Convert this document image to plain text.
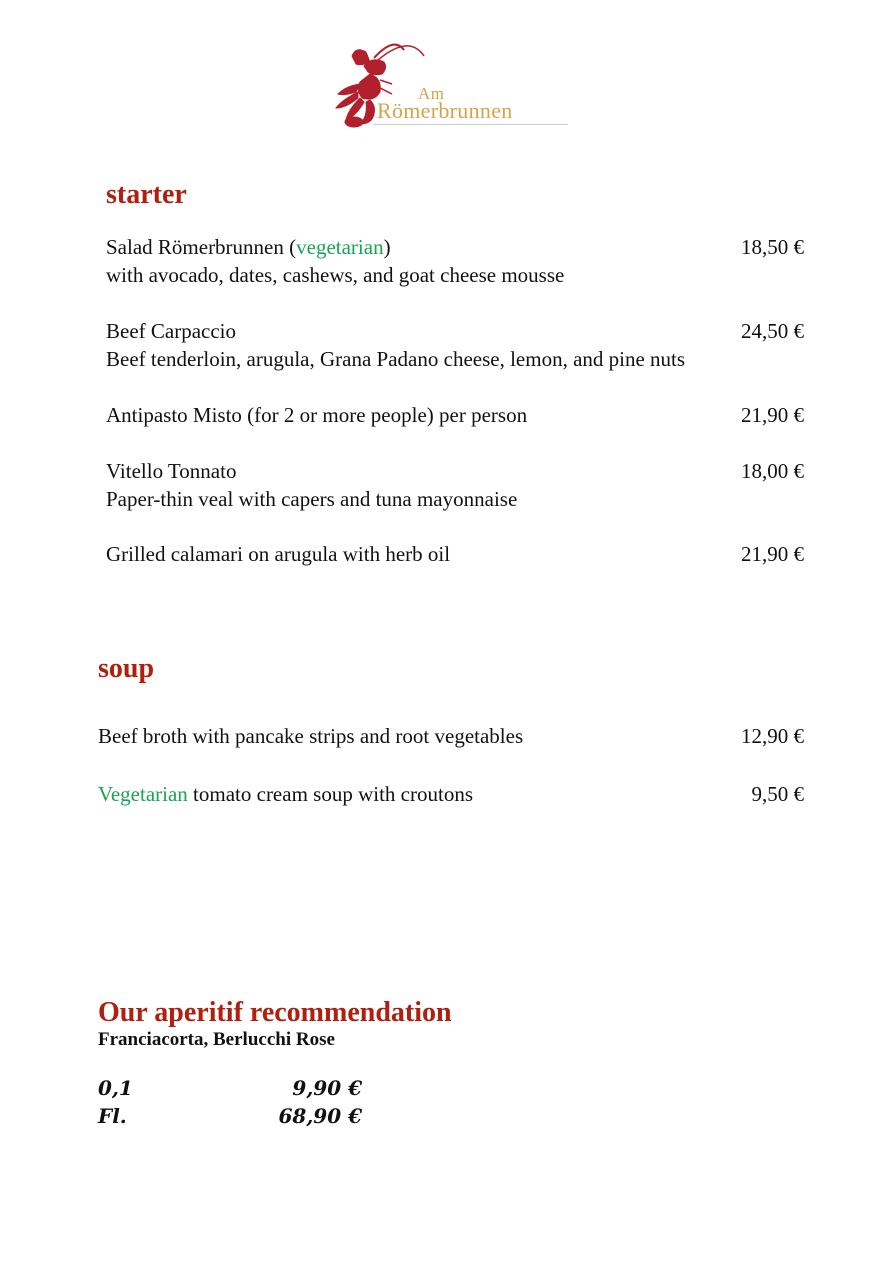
Am
Römerbrunnen
starter
Salad Römerbrunnen (vegetarian)	18,50 €
with avocado, dates, cashews, and goat cheese mousse
Beef Carpaccio	24,50 €
Beef tenderloin, arugula, Grana Padano cheese, lemon, and pine nuts
Antipasto Misto (for 2 or more people) per person	21,90 €
Vitello Tonnato	18,00 €
Paper-thin veal with capers and tuna mayonnaise
Grilled calamari on arugula with herb oil	21,90 €
soup
Beef broth with pancake strips and root vegetables	12,90 €
Vegetarian tomato cream soup with croutons	9,50 €
Our aperitif recommendation
Franciacorta, Berlucchi Rose
0,1	9,90 €
Fl.	68,90 €
